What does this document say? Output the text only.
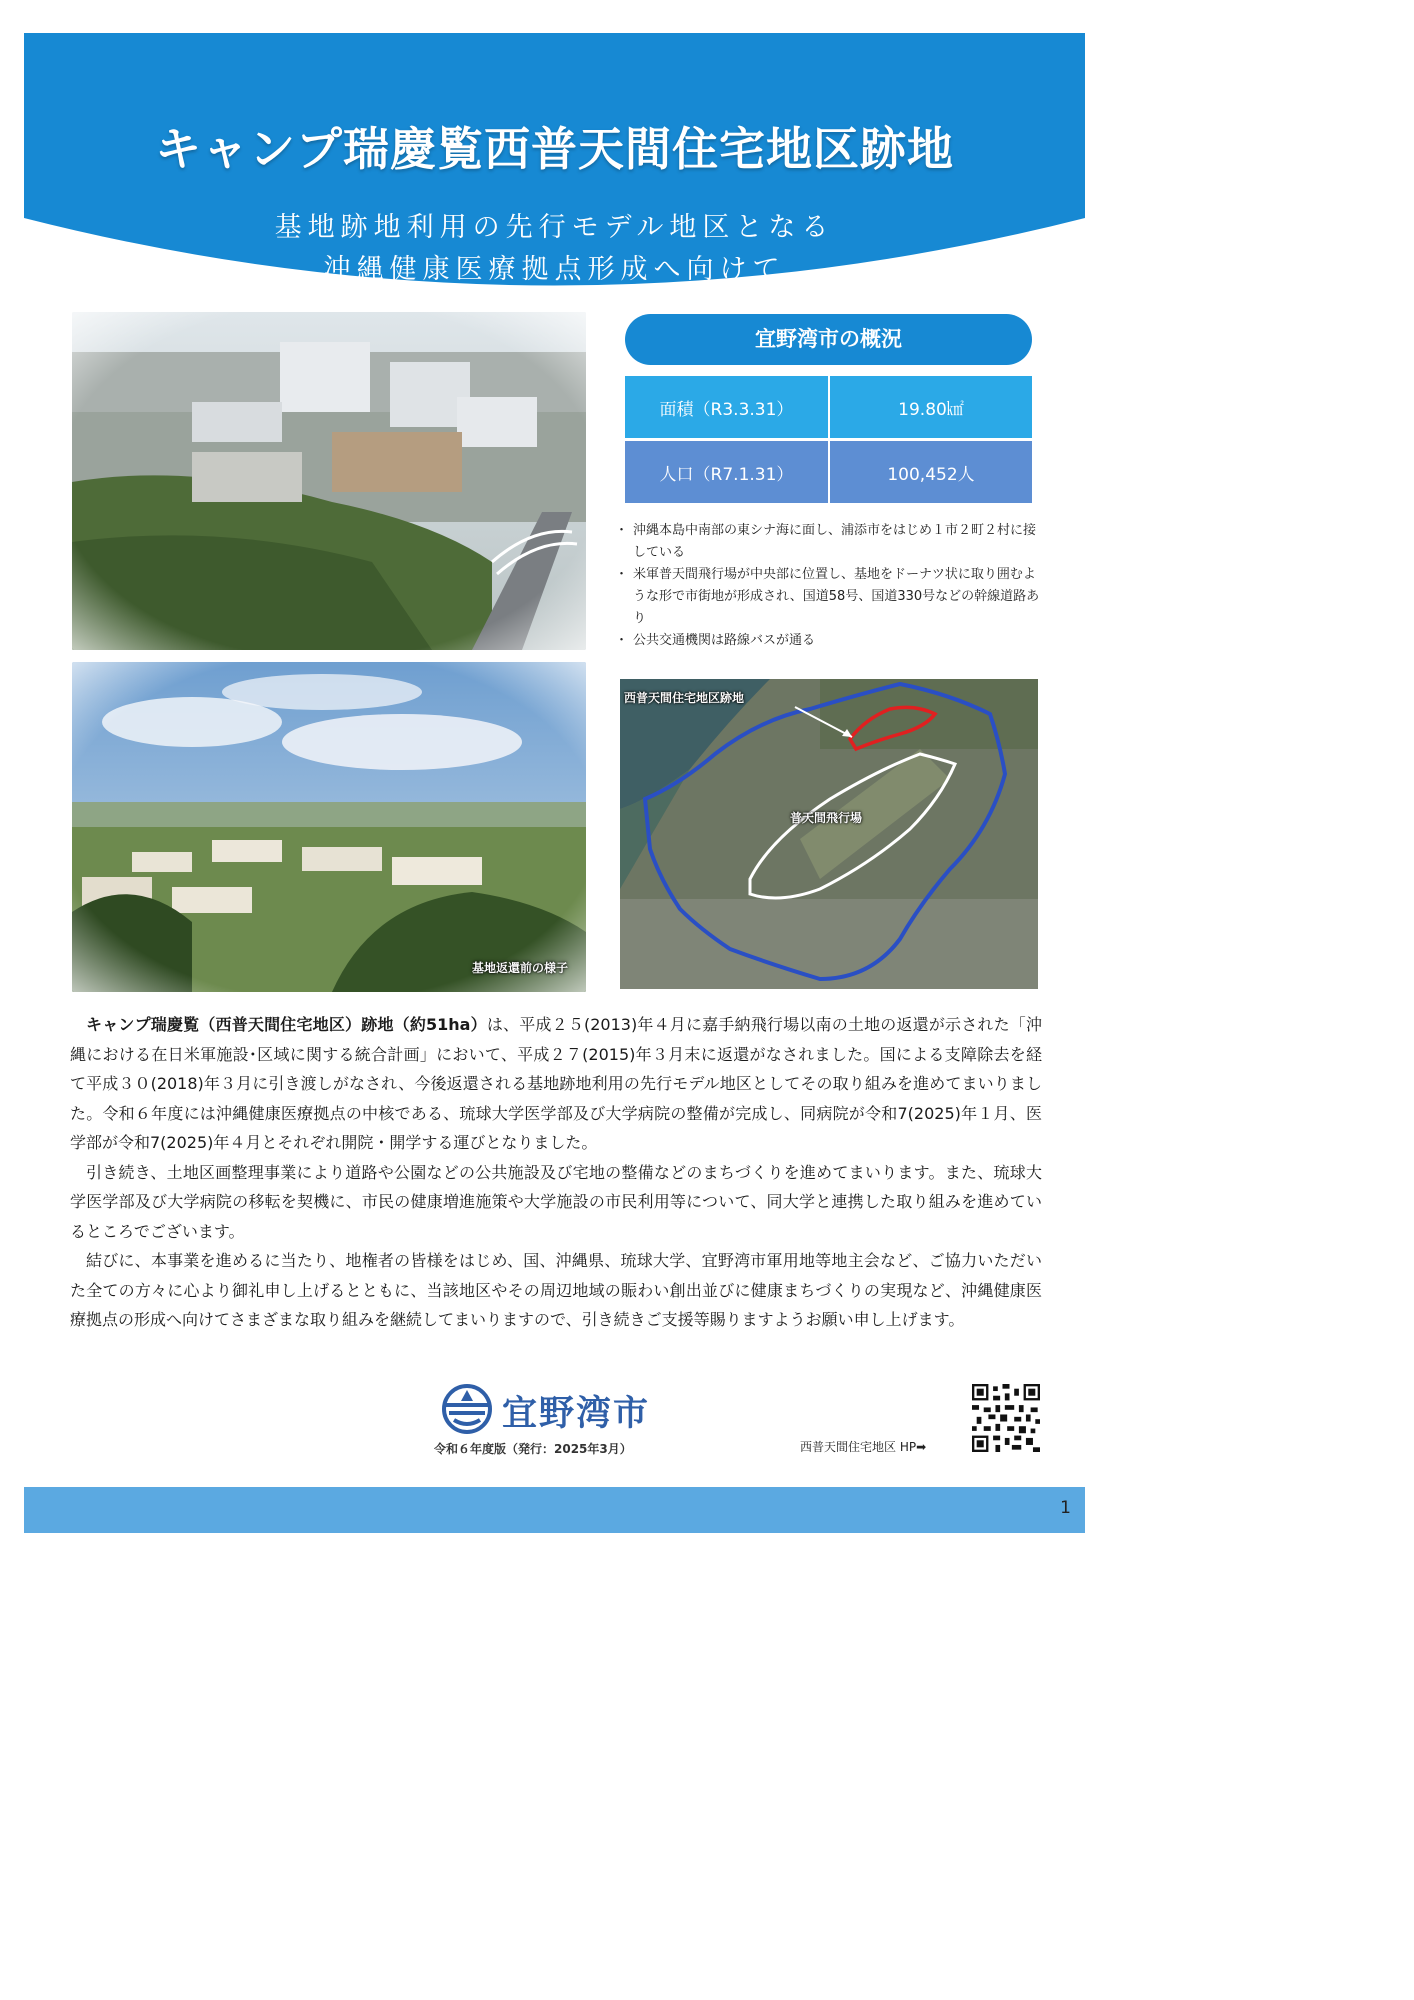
キャンプ瑞慶覧西普天間住宅地区跡地
基地跡地利用の先行モデル地区となる
沖縄健康医療拠点形成へ向けて
基地返還前の様子
宜野湾市の概況
面積（R3.3.31）	19.80㎢
人口（R7.1.31）	100,452人
・ 沖縄本島中南部の東シナ海に面し、浦添市をはじめ１市２町２村に接している
・ 米軍普天間飛行場が中央部に位置し、基地をドーナツ状に取り囲むような形で市街地が形成され、国道58号、国道330号などの幹線道路あり
・ 公共交通機関は路線バスが通る
西普天間住宅地区跡地
普天間飛行場

キャンプ瑞慶覧（西普天間住宅地区）跡地（約51ha）は、平成２５(2013)年４月に嘉手納飛行場以南の土地の返還が示された「沖縄における在日米軍施設･区域に関する統合計画」において、平成２７(2015)年３月末に返還がなされました。国による支障除去を経て平成３０(2018)年３月に引き渡しがなされ、今後返還される基地跡地利用の先行モデル地区としてその取り組みを進めてまいりました。令和６年度には沖縄健康医療拠点の中核である、琉球大学医学部及び大学病院の整備が完成し、同病院が令和7(2025)年１月、医学部が令和7(2025)年４月とそれぞれ開院・開学する運びとなりました。

引き続き、土地区画整理事業により道路や公園などの公共施設及び宅地の整備などのまちづくりを進めてまいります。また、琉球大学医学部及び大学病院の移転を契機に、市民の健康増進施策や大学施設の市民利用等について、同大学と連携した取り組みを進めているところでございます。

結びに、本事業を進めるに当たり、地権者の皆様をはじめ、国、沖縄県、琉球大学、宜野湾市軍用地等地主会など、ご協力いただいた全ての方々に心より御礼申し上げるとともに、当該地区やその周辺地域の賑わい創出並びに健康まちづくりの実現など、沖縄健康医療拠点の形成へ向けてさまざまな取り組みを継続してまいりますので、引き続きご支援等賜りますようお願い申し上げます。

宜野湾市
令和６年度版（発行：2025年3月）	西普天間住宅地区 HP➡
1
